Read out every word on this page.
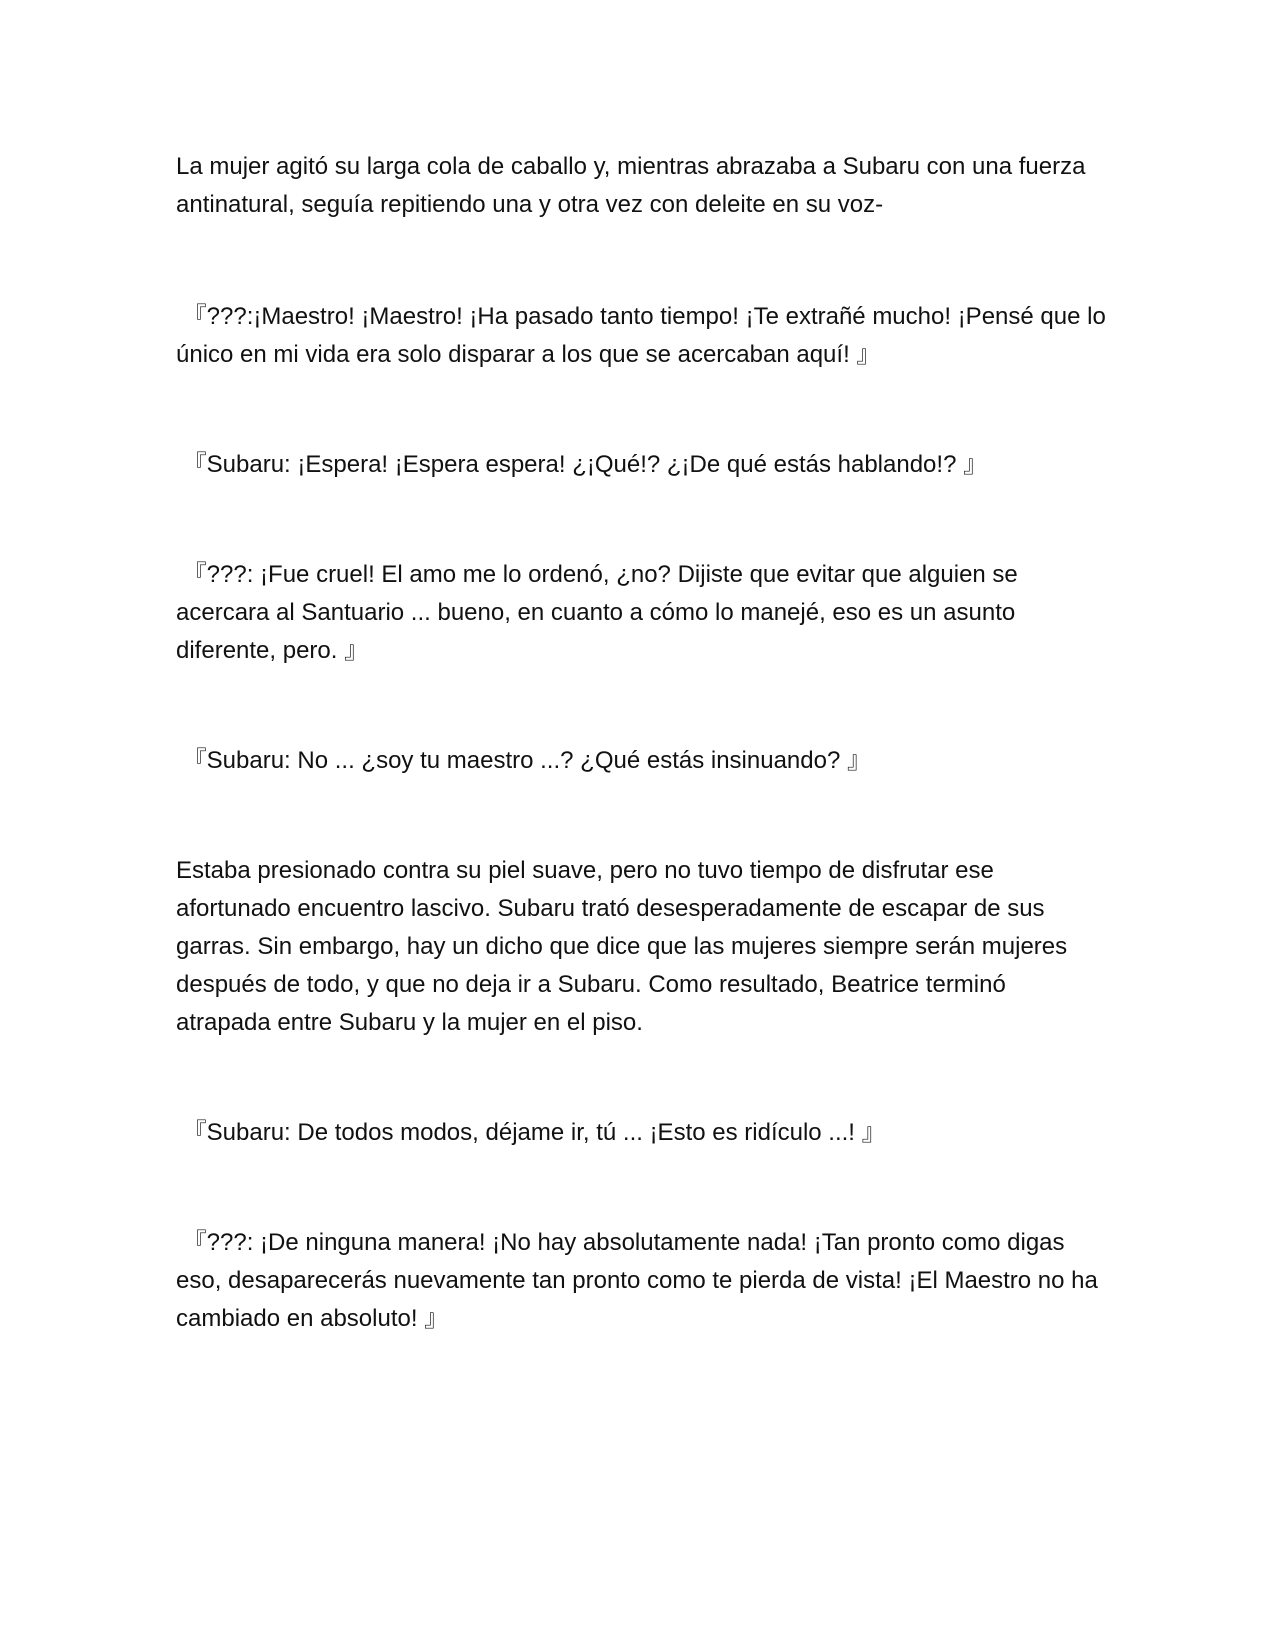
La mujer agitó su larga cola de caballo y, mientras abrazaba a Subaru con una fuerza antinatural, seguía repitiendo una y otra vez con deleite en su voz-

『???:¡Maestro! ¡Maestro! ¡Ha pasado tanto tiempo! ¡Te extrañé mucho! ¡Pensé que lo único en mi vida era solo disparar a los que se acercaban aquí! 』

『Subaru: ¡Espera! ¡Espera espera! ¿¡Qué!? ¿¡De qué estás hablando!? 』

『???: ¡Fue cruel! El amo me lo ordenó, ¿no? Dijiste que evitar que alguien se acercara al Santuario ... bueno, en cuanto a cómo lo manejé, eso es un asunto diferente, pero. 』

『Subaru: No ... ¿soy tu maestro ...? ¿Qué estás insinuando? 』

Estaba presionado contra su piel suave, pero no tuvo tiempo de disfrutar ese afortunado encuentro lascivo. Subaru trató desesperadamente de escapar de sus garras. Sin embargo, hay un dicho que dice que las mujeres siempre serán mujeres después de todo, y que no deja ir a Subaru. Como resultado, Beatrice terminó atrapada entre Subaru y la mujer en el piso.

『Subaru: De todos modos, déjame ir, tú ... ¡Esto es ridículo ...! 』

『???: ¡De ninguna manera! ¡No hay absolutamente nada! ¡Tan pronto como digas eso, desaparecerás nuevamente tan pronto como te pierda de vista! ¡El Maestro no ha cambiado en absoluto! 』
